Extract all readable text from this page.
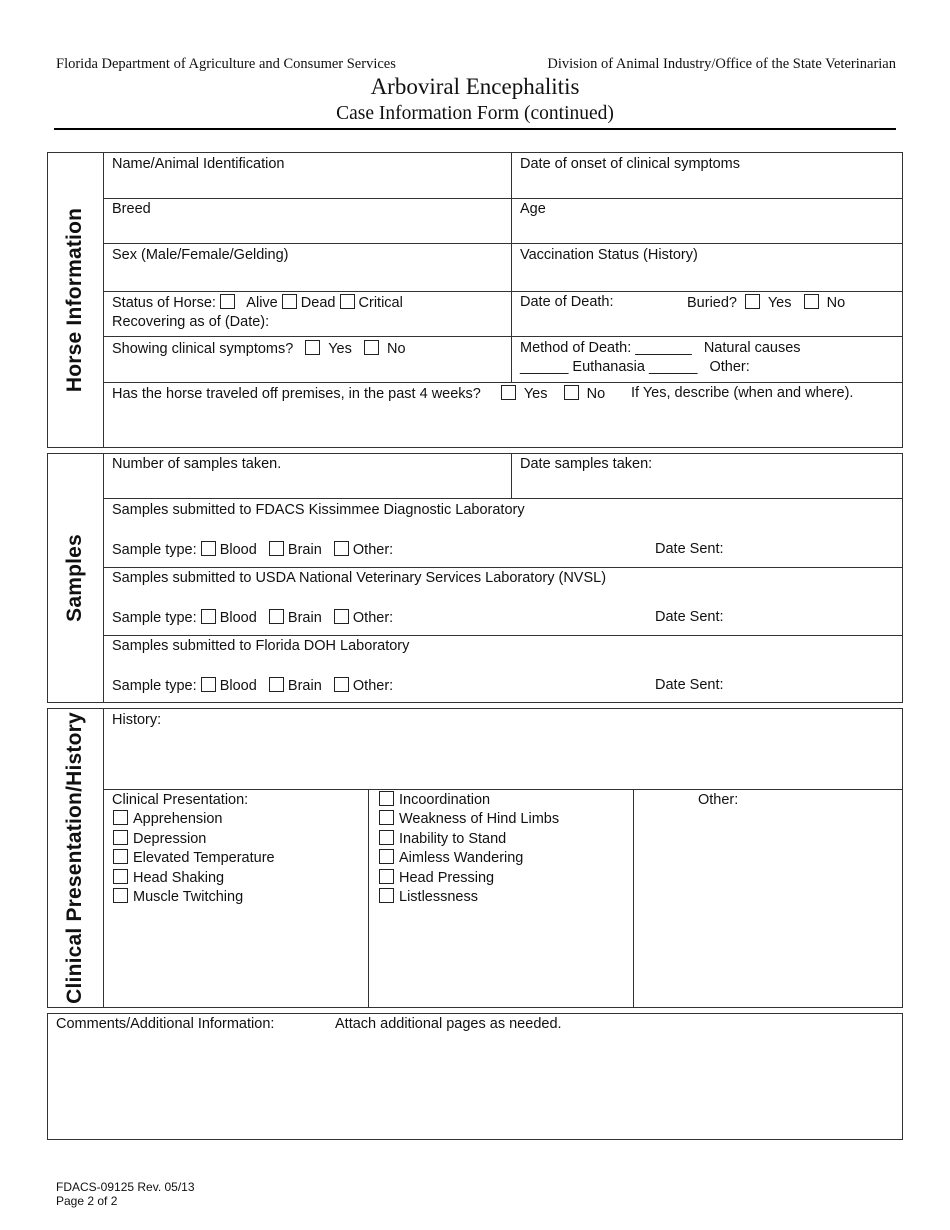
Florida Department of Agriculture and Consumer Services	Division of Animal Industry/Office of the State Veterinarian
Arboviral Encephalitis
Case Information Form (continued)
Horse Information
Name/Animal Identification	Date of onset of clinical symptoms
Breed	Age
Sex (Male/Female/Gelding)	Vaccination Status (History)
Status of Horse: Alive Dead Critical
Recovering as of (Date):
Date of Death:	Buried? Yes No
Showing clinical symptoms? Yes No	Method of Death: _______ Natural causes
______ Euthanasia ______ Other:
Has the horse traveled off premises, in the past 4 weeks?	Yes	No If Yes, describe (when and where).
Samples
Number of samples taken.	Date samples taken:
Samples submitted to FDACS Kissimmee Diagnostic Laboratory
Sample type: Blood Brain Other:	Date Sent:
Samples submitted to USDA National Veterinary Services Laboratory (NVSL)
Sample type: Blood Brain Other:	Date Sent:
Samples submitted to Florida DOH Laboratory
Sample type: Blood Brain Other:	Date Sent:
Clinical Presentation/History History:
Clinical Presentation:
Apprehension
Depression
Elevated Temperature
Head Shaking
Muscle Twitching
Incoordination
Weakness of Hind Limbs
Inability to Stand
Aimless Wandering
Head Pressing
Listlessness
Other:
Comments/Additional Information:	Attach additional pages as needed.
FDACS-09125 Rev. 05/13
Page 2 of 2
